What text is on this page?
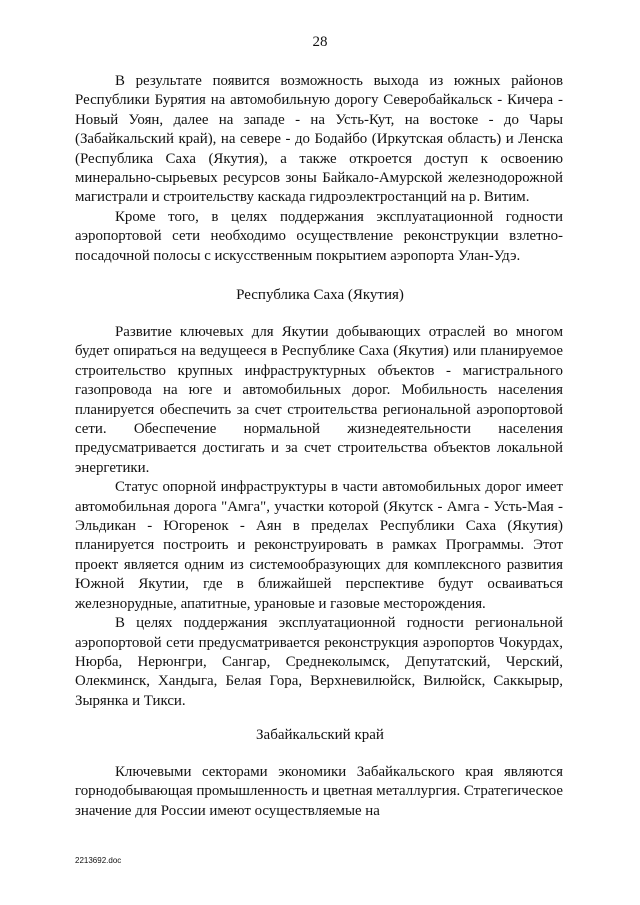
28

В результате появится возможность выхода из южных районов Республики Бурятия на автомобильную дорогу Северобайкальск - Кичера - Новый Уоян, далее на западе - на Усть-Кут, на востоке - до Чары (Забайкальский край), на севере - до Бодайбо (Иркутская область) и Ленска (Республика Саха (Якутия), а также откроется доступ к освоению минерально-сырьевых ресурсов зоны Байкало-Амурской железнодорожной магистрали и строительству каскада гидроэлектростанций на р. Витим.

Кроме того, в целях поддержания эксплуатационной годности аэропортовой сети необходимо осуществление реконструкции взлетно-посадочной полосы с искусственным покрытием аэропорта Улан-Удэ.

Республика Саха (Якутия)

Развитие ключевых для Якутии добывающих отраслей во многом будет опираться на ведущееся в Республике Саха (Якутия) или планируемое строительство крупных инфраструктурных объектов - магистрального газопровода на юге и автомобильных дорог. Мобильность населения планируется обеспечить за счет строительства региональной аэропортовой сети. Обеспечение нормальной жизнедеятельности населения предусматривается достигать и за счет строительства объектов локальной энергетики.

Статус опорной инфраструктуры в части автомобильных дорог имеет автомобильная дорога "Амга", участки которой (Якутск - Амга - Усть-Мая - Эльдикан - Югоренок - Аян в пределах Республики Саха (Якутия) планируется построить и реконструировать в рамках Программы. Этот проект является одним из системообразующих для комплексного развития Южной Якутии, где в ближайшей перспективе будут осваиваться железнорудные, апатитные, урановые и газовые месторождения.

В целях поддержания эксплуатационной годности региональной аэропортовой сети предусматривается реконструкция аэропортов Чокурдах, Нюрба, Нерюнгри, Сангар, Среднеколымск, Депутатский, Черский, Олекминск, Хандыга, Белая Гора, Верхневилюйск, Вилюйск, Саккырыр, Зырянка и Тикси.

Забайкальский край

Ключевыми секторами экономики Забайкальского края являются горнодобывающая промышленность и цветная металлургия. Стратегическое значение для России имеют осуществляемые на

2213692.doc
